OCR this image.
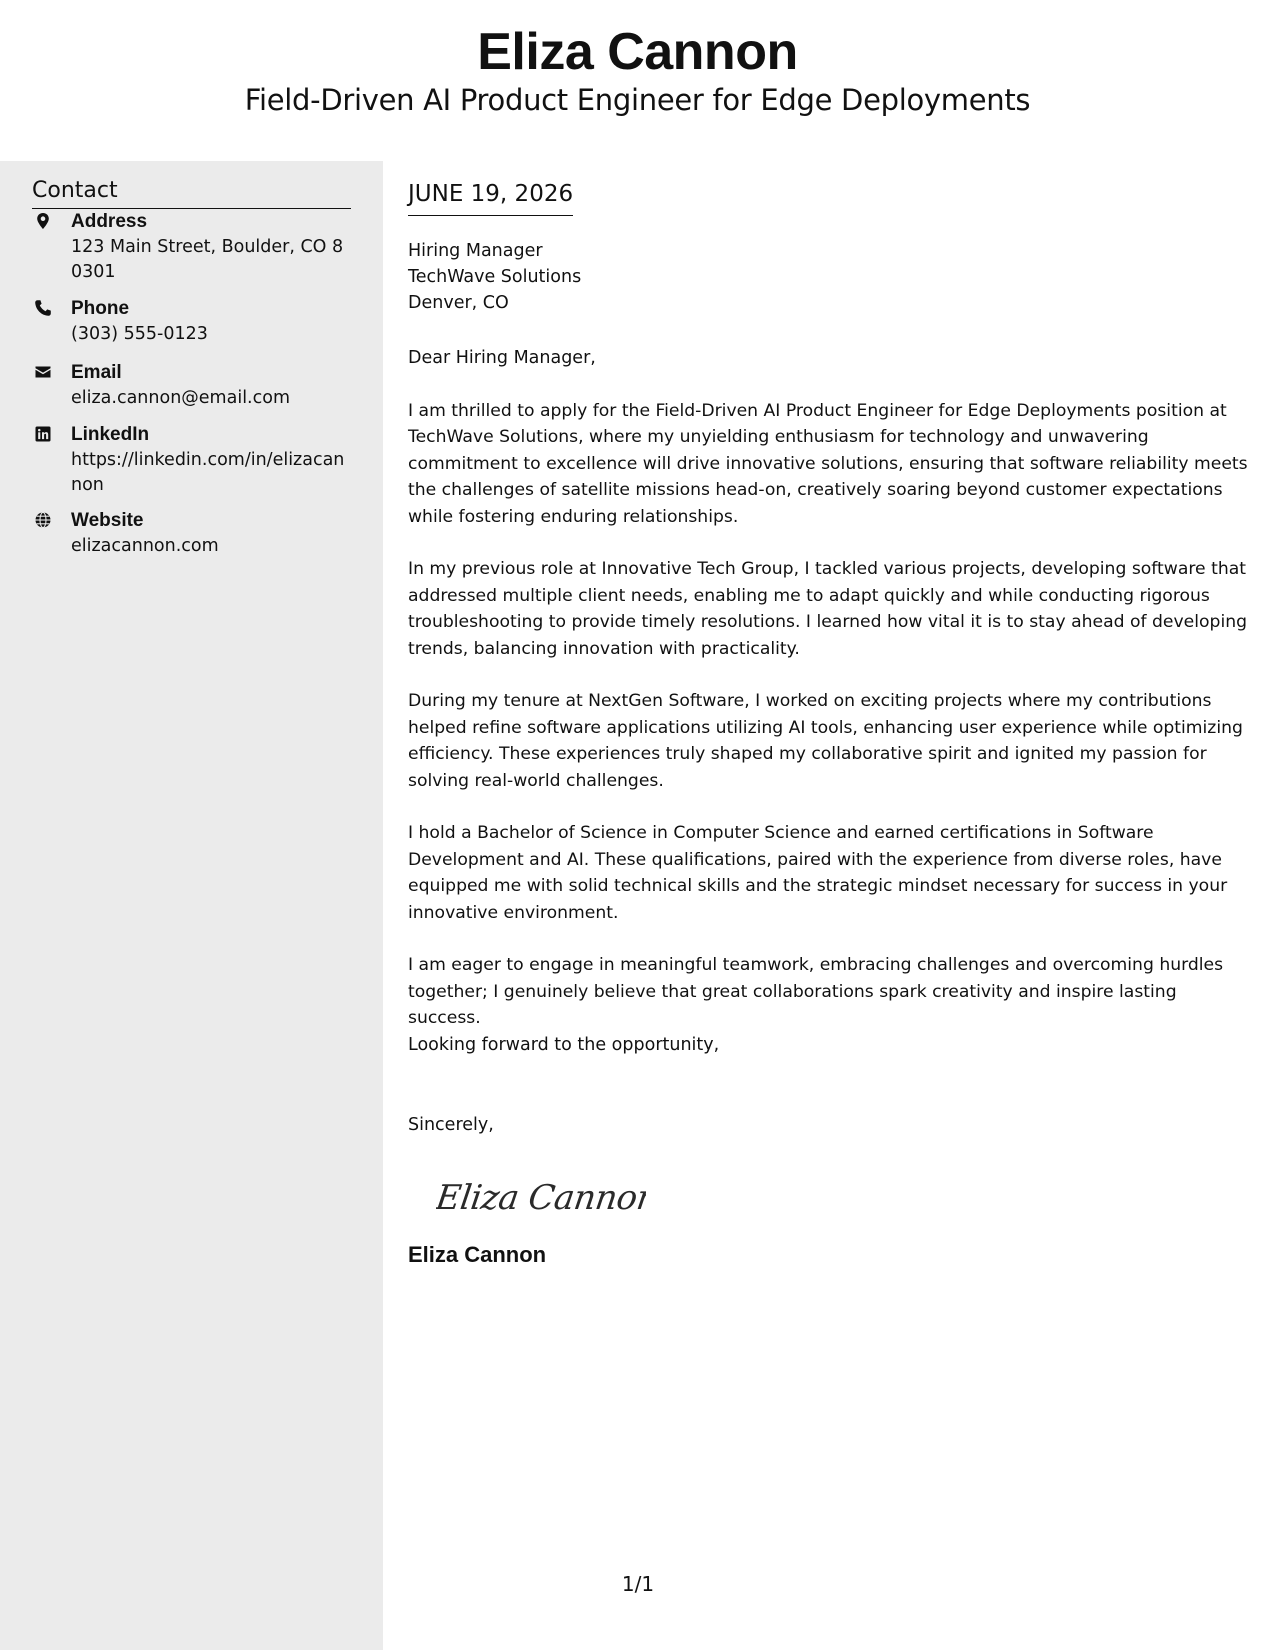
Eliza Cannon
Field-Driven AI Product Engineer for Edge Deployments
Contact
Address
123 Main Street, Boulder, CO 80301
Phone
(303) 555-0123
Email
eliza.cannon@email.com
LinkedIn
https://linkedin.com/in/elizacannon
Website
elizacannon.com
JUNE 19, 2026
Hiring Manager
TechWave Solutions
Denver, CO
Dear Hiring Manager,

I am thrilled to apply for the Field-Driven AI Product Engineer for Edge Deployments position at TechWave Solutions, where my unyielding enthusiasm for technology and unwavering commitment to excellence will drive innovative solutions, ensuring that software reliability meets the challenges of satellite missions head-on, creatively soaring beyond customer expectations while fostering enduring relationships.

In my previous role at Innovative Tech Group, I tackled various projects, developing software that addressed multiple client needs, enabling me to adapt quickly and while conducting rigorous troubleshooting to provide timely resolutions. I learned how vital it is to stay ahead of developing trends, balancing innovation with practicality.

During my tenure at NextGen Software, I worked on exciting projects where my contributions helped refine software applications utilizing AI tools, enhancing user experience while optimizing efficiency. These experiences truly shaped my collaborative spirit and ignited my passion for solving real-world challenges.

I hold a Bachelor of Science in Computer Science and earned certifications in Software Development and AI. These qualifications, paired with the experience from diverse roles, have equipped me with solid technical skills and the strategic mindset necessary for success in your innovative environment.

I am eager to engage in meaningful teamwork, embracing challenges and overcoming hurdles together; I genuinely believe that great collaborations spark creativity and inspire lasting success.

Looking forward to the opportunity,
Sincerely,
Eliza Cannon
Eliza Cannon
1/1
